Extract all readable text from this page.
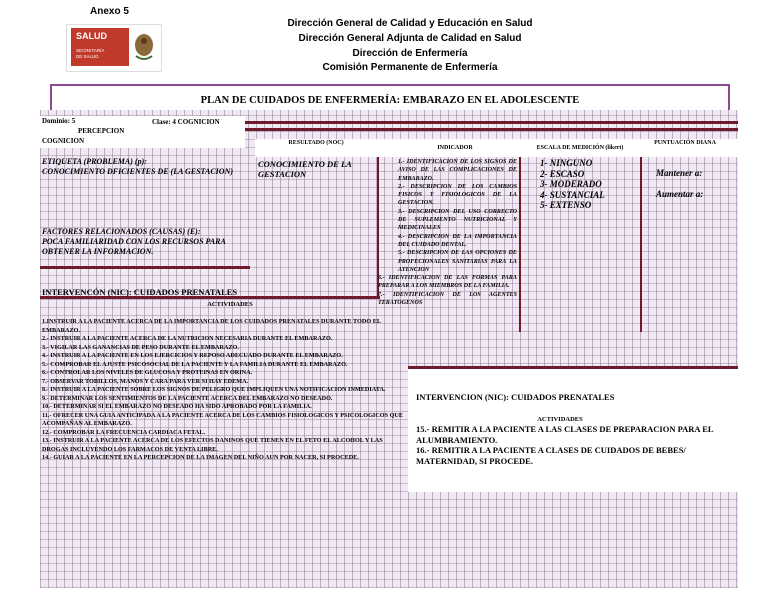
Anexo 5
SALUD
SECRETARÍA
DE SALUD
Dirección General de Calidad y Educación en Salud
Dirección General Adjunta de Calidad en Salud
Dirección de Enfermería
Comisión Permanente de Enfermería
PLAN DE CUIDADOS DE ENFERMERÍA: EMBARAZO EN EL ADOLESCENTE
Dominio: 5
PERCEPCION
COGNICION
Clase: 4 COGNICION
ETIQUETA (PROBLEMA) (p):
CONOCIMIENTO DFICIENTES DE (LA GESTACION)
FACTORES RELACIONADOS (CAUSAS) (E):
POCA FAMILIARIDAD CON LOS RECURSOS PARA OBTENER LA INFORMACION.
RESULTADO (NOC)
INDICADOR	ESCALA DE MEDICIÓN (likert)
PUNTUACIÓN DIANA
CONOCIMIENTO DE LA GESTACION
1.- IDENTIFICACION DE LOS SIGNOS DE AVISO DE LAS COMPLICACIONES DE EMBARAZO.
2.- DESCRIPCION DE LOS CAMBIOS FISICOS Y FISIOLOGICOS DE LA GESTACION.
3.- DESCRIPCION DEL USO CORRECTO DE SUPLEMENTO NUTRICIONAL Y MEDICINALES
4.- DESCRIPCION DE LA IMPORTANCIA DEL CUIDADO DENTAL.
5.- DESCRIPCION DE LAS OPCIONES DE PROFECIONALES SANITARIAS PARA LA ATENCION
6.- IDENTIFICACION DE LAS FORMAS PARA PREPARAR A LOS MIEMBROS DE LA FAMILIA.
7.- IDENTIFICACION DE LOS AGENTES TERATOGENOS
1- NINGUNO
2- ESCASO
3- MODERADO
4- SUSTANCIAL
5- EXTENSO
Mantener a:
Aumentar a:
INTERVENCÓN (NIC): CUIDADOS PRENATALES
ACTIVIDADES
1.INSTRUIR A LA PACIENTE ACERCA DE LA IMPORTANCIA DE LOS CUIDADOS PRENATALES DURANTE TODO EL EMBARAZO.
2.- INSTRUIR A LA PACIENTE ACERCA DE LA NUTRICION NECESARIA DURANTE EL EMBARAZO.
3.- VIGILAR LAS GANANCIAS DE PESO DURANTE EL EMBARAZO.
4.- INSTRUIR A LA PACIENTE EN LOS EJERCICIOS Y REPOSO ADECUADO DURANTE EL EMBARAZO.
5.- COMPROBAR EL AJUSTE PSICOSOCIAL DE LA PACIENTE Y LA FAMILIA DURANTE EL EMBARAZO.
6.- CONTROLAR LOS NIVELES DE GLUCOSA Y PROTEINAS EN ORINA.
7.- OBSERVAR TOBILLOS, MANOS Y CARA PARA VER SI HAY EDEMA.
8.- INSTRUIR A LA PACIENTE SOBRE LOS SIGNOS DE PELIGRO QUE IMPLIQUEN UNA NOTIFICACION INMEDIATA.
9.- DETERMINAR LOS SENTIMIENTOS DE LA PACIENTE ACERCA DEL EMBARAZO NO DESEADO.
10.- DETERMINAR SI EL EMBARAZO NO DESEADO HA SIDO APROBADO POR LA FAMILIA.
11.- OFRECER UNA GUIA ANTICIPADA A LA PACIENTE ACERCA DE LOS CAMBIOS FISIOLOGICOS Y PSICOLOGICOS QUE ACOMPAÑAN AL EMBARAZO.
12.- COMPROBAR LA FRECUENCIA CARDIACA FETAL.
13.- INSTRUIR A LA PACIENTE ACERCA DE LOS EFECTOS DANINOS QUE TIENEN EN EL FETO EL ALCOHOL Y LAS DROGAS INCLUYENDO LOS FARMACOS DE VENTA LIBRE.
14.- GUIAR A LA PACIENTE EN LA PERCEPCION DE LA IMAGEN DEL NIÑO AUN POR NACER, SI PROCEDE.
INTERVENCION (NIC): CUIDADOS PRENATALES
ACTIVIDADES
15.- REMITIR A LA PACIENTE A LAS CLASES DE PREPARACION PARA EL ALUMBRAMIENTO.
16.- REMITIR A LA PACIENTE A CLASES DE CUIDADOS DE BEBES/ MATERNIDAD, SI PROCEDE.
